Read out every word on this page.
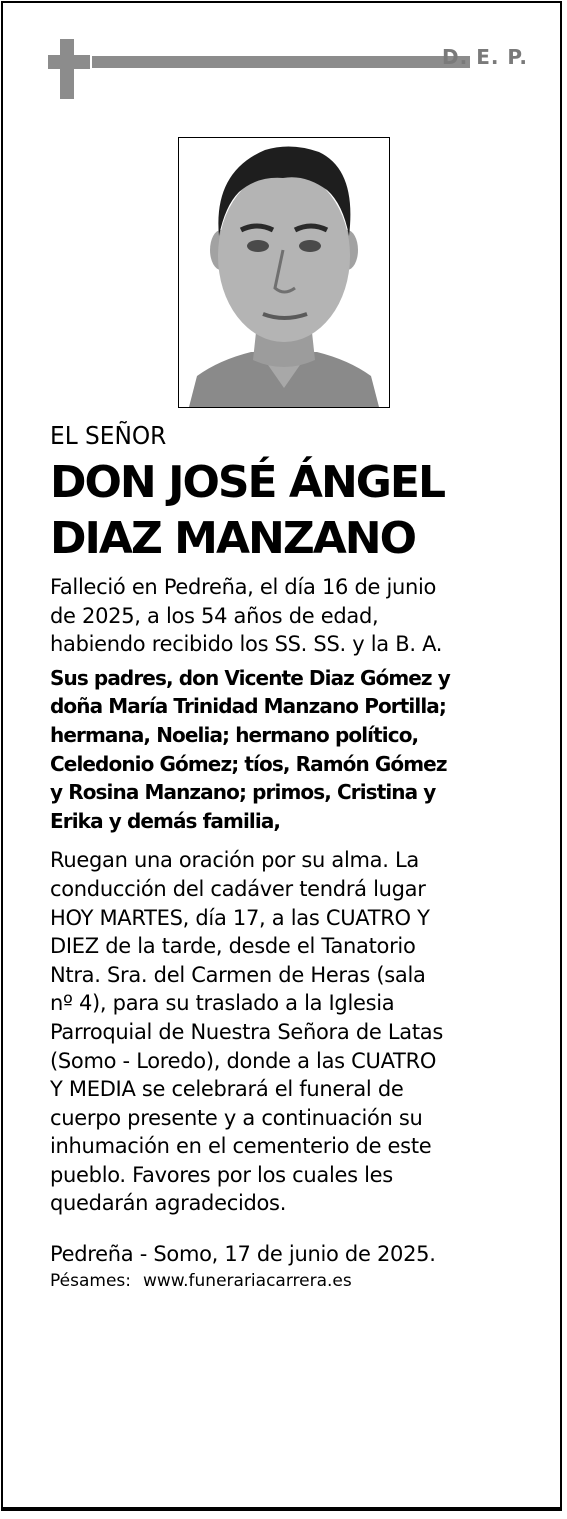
D. E. P.

EL SEÑOR

DON JOSÉ ÁNGEL
DIAZ MANZANO
Falleció en Pedreña, el día 16 de junio
de 2025, a los 54 años de edad,
habiendo recibido los SS. SS. y la B. A.
Sus padres, don Vicente Diaz Gómez y
doña María Trinidad Manzano Portilla;
hermana, Noelia; hermano político,
Celedonio Gómez; tíos, Ramón Gómez
y Rosina Manzano; primos, Cristina y
Erika y demás familia,
Ruegan una oración por su alma. La
conducción del cadáver tendrá lugar
HOY MARTES, día 17, a las CUATRO Y
DIEZ de la tarde, desde el Tanatorio
Ntra. Sra. del Carmen de Heras (sala
nº 4), para su traslado a la Iglesia
Parroquial de Nuestra Señora de Latas
(Somo - Loredo), donde a las CUATRO
Y MEDIA se celebrará el funeral de
cuerpo presente y a continuación su
inhumación en el cementerio de este
pueblo. Favores por los cuales les
quedarán agradecidos.
Pedreña - Somo, 17 de junio de 2025.
Pésames: www.funerariacarrera.es
